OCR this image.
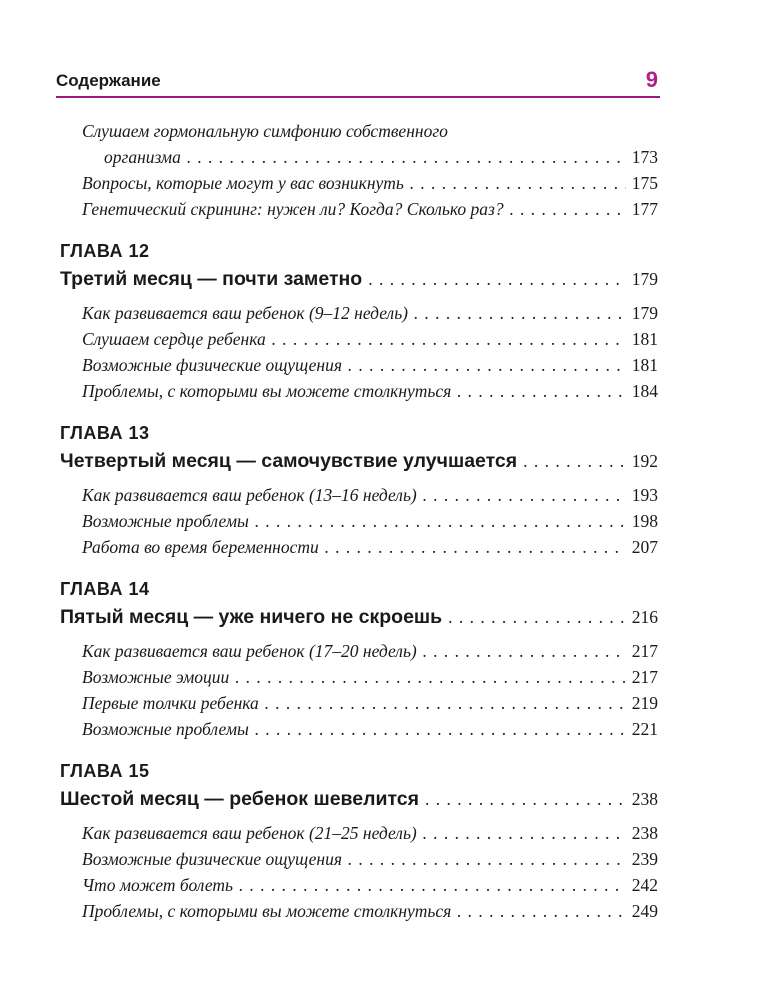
Содержание	9
Слушаем гормональную симфонию собственного
организма . . .	173
Вопросы, которые могут у вас возникнуть . . .	175
Генетический скрининг: нужен ли? Когда? Сколько раз? . . .	177
ГЛАВА 12
Третий месяц — почти заметно . . .	179
Как развивается ваш ребенок (9–12 недель) . . .	179
Слушаем сердце ребенка . . .	181
Возможные физические ощущения . . .	181
Проблемы, с которыми вы можете столкнуться . . .	184
ГЛАВА 13
Четвертый месяц — самочувствие улучшается . . .	192
Как развивается ваш ребенок (13–16 недель) . . .	193
Возможные проблемы . . .	198
Работа во время беременности . . .	207
ГЛАВА 14
Пятый месяц — уже ничего не скроешь . . .	216
Как развивается ваш ребенок (17–20 недель) . . .	217
Возможные эмоции . . .	217
Первые толчки ребенка . . .	219
Возможные проблемы . . .	221
ГЛАВА 15
Шестой месяц — ребенок шевелится . . .	238
Как развивается ваш ребенок (21–25 недель) . . .	238
Возможные физические ощущения . . .	239
Что может болеть . . .	242
Проблемы, с которыми вы можете столкнуться . . .	249
